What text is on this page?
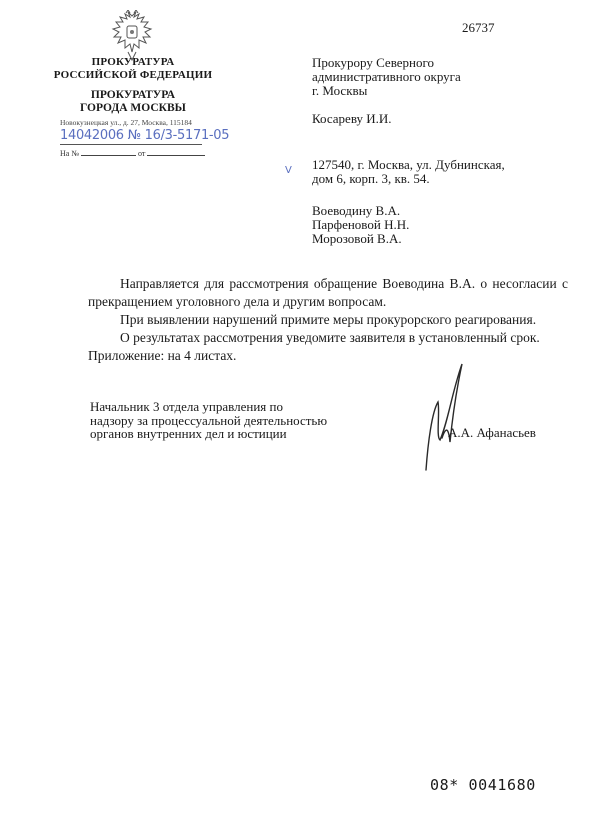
26737
ПРОКУРАТУРА
РОССИЙСКОЙ ФЕДЕРАЦИИ
ПРОКУРАТУРА
ГОРОДА МОСКВЫ
Новокузнецкая ул., д. 27, Москва, 115184
14042006 № 16/3-5171-05
На №	от

Прокурору Северного

административного округа

г. Москвы

Косареву И.И.

127540, г. Москва, ул. Дубнинская,

дом 6, корп. 3, кв. 54.

Воеводину В.А.

Парфеновой Н.Н.

Морозовой В.А.

V

Направляется для рассмотрения обращение Воеводина В.А. о несогласии с прекращением уголовного дела и другим вопросам.

При выявлении нарушений примите меры прокурорского реагирования.

О результатах рассмотрения уведомите заявителя в установленный срок.

Приложение: на 4 листах.

Начальник 3 отдела управления по
надзору за процессуальной деятельностью
органов внутренних дел и юстиции	А.А. Афанасьев
08* 0041680
